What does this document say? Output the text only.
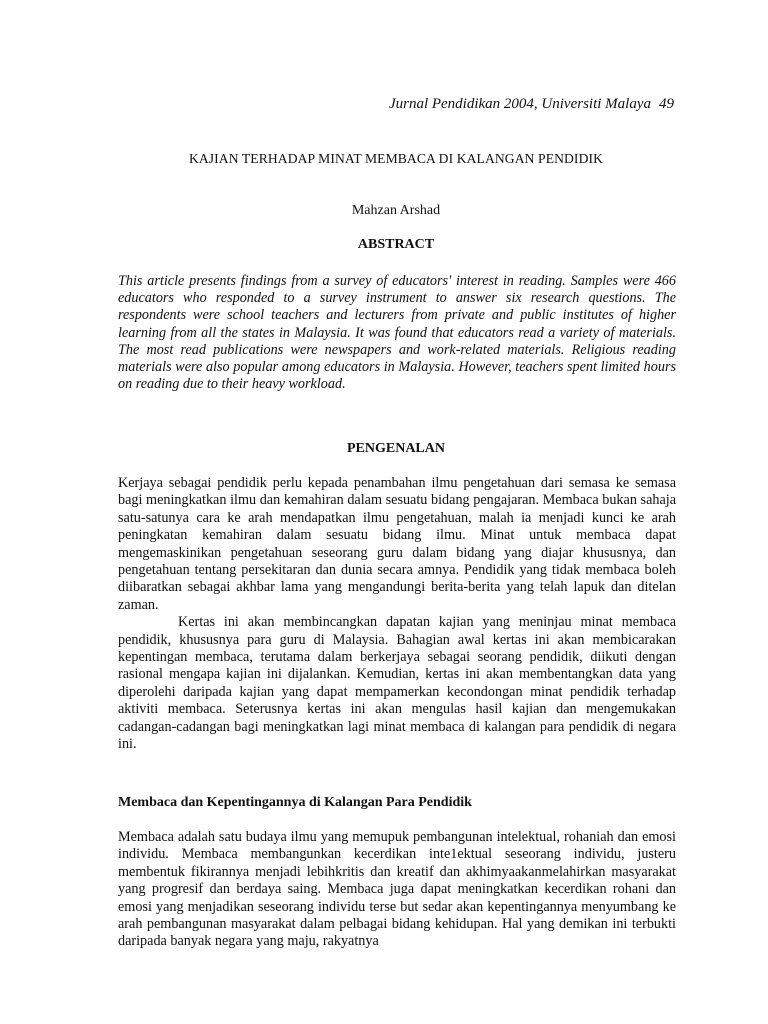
Jurnal Pendidikan 2004, Universiti Malaya 49
KAJIAN TERHADAP MINAT MEMBACA DI KALANGAN PENDIDIK
Mahzan Arshad
ABSTRACT

This article presents findings from a survey of educators' interest in reading. Samples were 466 educators who responded to a survey instrument to answer six research questions. The respondents were school teachers and lecturers from private and public institutes of higher learning from all the states in Malaysia. It was found that educators read a variety of materials. The most read publications were newspapers and work-related materials. Religious reading materials were also popular among educators in Malaysia. However, teachers spent limited hours on reading due to their heavy workload.

PENGENALAN

Kerjaya sebagai pendidik perlu kepada penambahan ilmu pengetahuan dari semasa ke semasa bagi meningkatkan ilmu dan kemahiran dalam sesuatu bidang pengajaran. Membaca bukan sahaja satu-satunya cara ke arah mendapatkan ilmu pengetahuan, malah ia menjadi kunci ke arah peningkatan kemahiran dalam sesuatu bidang ilmu. Minat untuk membaca dapat mengemaskinikan pengetahuan seseorang guru dalam bidang yang diajar khususnya, dan pengetahuan tentang persekitaran dan dunia secara amnya. Pendidik yang tidak membaca boleh diibaratkan sebagai akhbar lama yang mengandungi berita-berita yang telah lapuk dan ditelan zaman.

Kertas ini akan membincangkan dapatan kajian yang meninjau minat membaca pendidik, khususnya para guru di Malaysia. Bahagian awal kertas ini akan membicarakan kepentingan membaca, terutama dalam berkerjaya sebagai seorang pendidik, diikuti dengan rasional mengapa kajian ini dijalankan. Kemudian, kertas ini akan membentangkan data yang diperolehi daripada kajian yang dapat mempamerkan kecondongan minat pendidik terhadap aktiviti membaca. Seterusnya kertas ini akan mengulas hasil kajian dan mengemukakan cadangan-cadangan bagi meningkatkan lagi minat membaca di kalangan para pendidik di negara ini.

Membaca dan Kepentingannya di Kalangan Para Pendidik

Membaca adalah satu budaya ilmu yang memupuk pembangunan intelektual, rohaniah dan emosi individu. Membaca membangunkan kecerdikan inte1ektual seseorang individu, justeru membentuk fikirannya menjadi lebihkritis dan kreatif dan akhimyaakanmelahirkan masyarakat yang progresif dan berdaya saing. Membaca juga dapat meningkatkan kecerdikan rohani dan emosi yang menjadikan seseorang individu terse but sedar akan kepentingannya menyumbang ke arah pembangunan masyarakat dalam pelbagai bidang kehidupan. Hal yang demikan ini terbukti daripada banyak negara yang maju, rakyatnya
